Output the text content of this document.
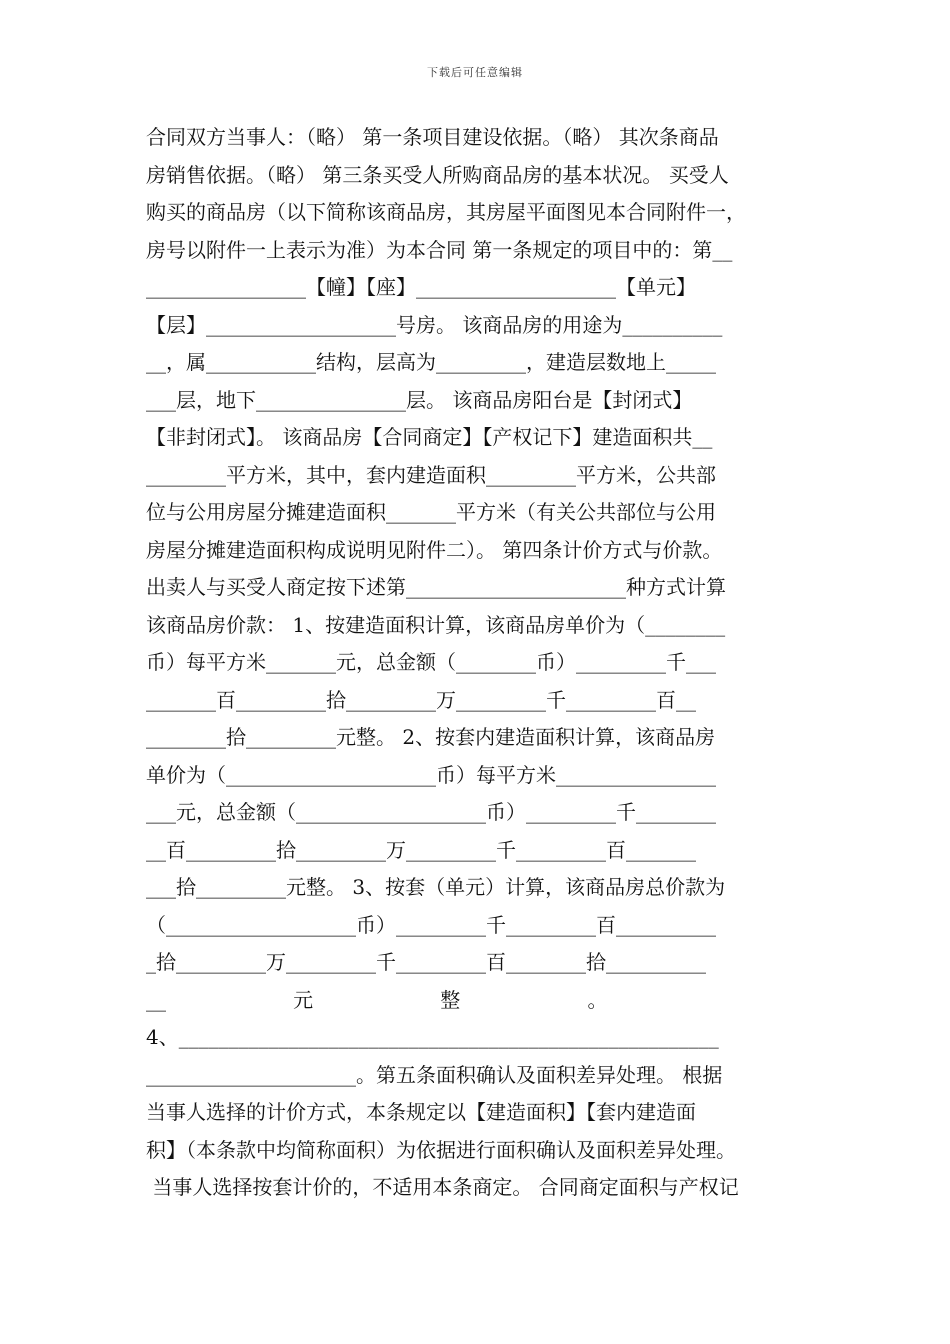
下载后可任意编辑
合同双方当事人：（略） 第一条项目建设依据。（略） 其次条商品
房销售依据。（略） 第三条买受人所购商品房的基本状况。 买受人
购买的商品房（以下简称该商品房，其房屋平面图见本合同附件一，
房号以附件一上表示为准）为本合同 第一条规定的项目中的：第__
________________【幢】【座】____________________【单元】
【层】___________________号房。 该商品房的用途为__________
__，属___________结构，层高为_________，建造层数地上_____
___层，地下_______________层。 该商品房阳台是【封闭式】
【非封闭式】。 该商品房【合同商定】【产权记下】建造面积共__
________平方米，其中，套内建造面积_________平方米，公共部
位与公用房屋分摊建造面积_______平方米（有关公共部位与公用
房屋分摊建造面积构成说明见附件二）。 第四条计价方式与价款。
出卖人与买受人商定按下述第______________________种方式计算
该商品房价款： 1、按建造面积计算，该商品房单价为（________
币）每平方米_______元，总金额（________币）_________千___
_______百_________拾_________万_________千_________百__
________拾_________元整。 2、按套内建造面积计算，该商品房
单价为（_____________________币）每平方米________________
___元，总金额（___________________币）_________千________
__百_________拾_________万_________千_________百_______
___拾_________元整。 3、按套（单元）计算，该商品房总价款为
（___________________币）_________千_________百__________
_拾_________万_________千_________百________拾__________
__                    元                    整                    。
4、______________________________________________________
_____________________。第五条面积确认及面积差异处理。 根据
当事人选择的计价方式，本条规定以【建造面积】【套内建造面
积】（本条款中均简称面积）为依据进行面积确认及面积差异处理。
当事人选择按套计价的，不适用本条商定。 合同商定面积与产权记
